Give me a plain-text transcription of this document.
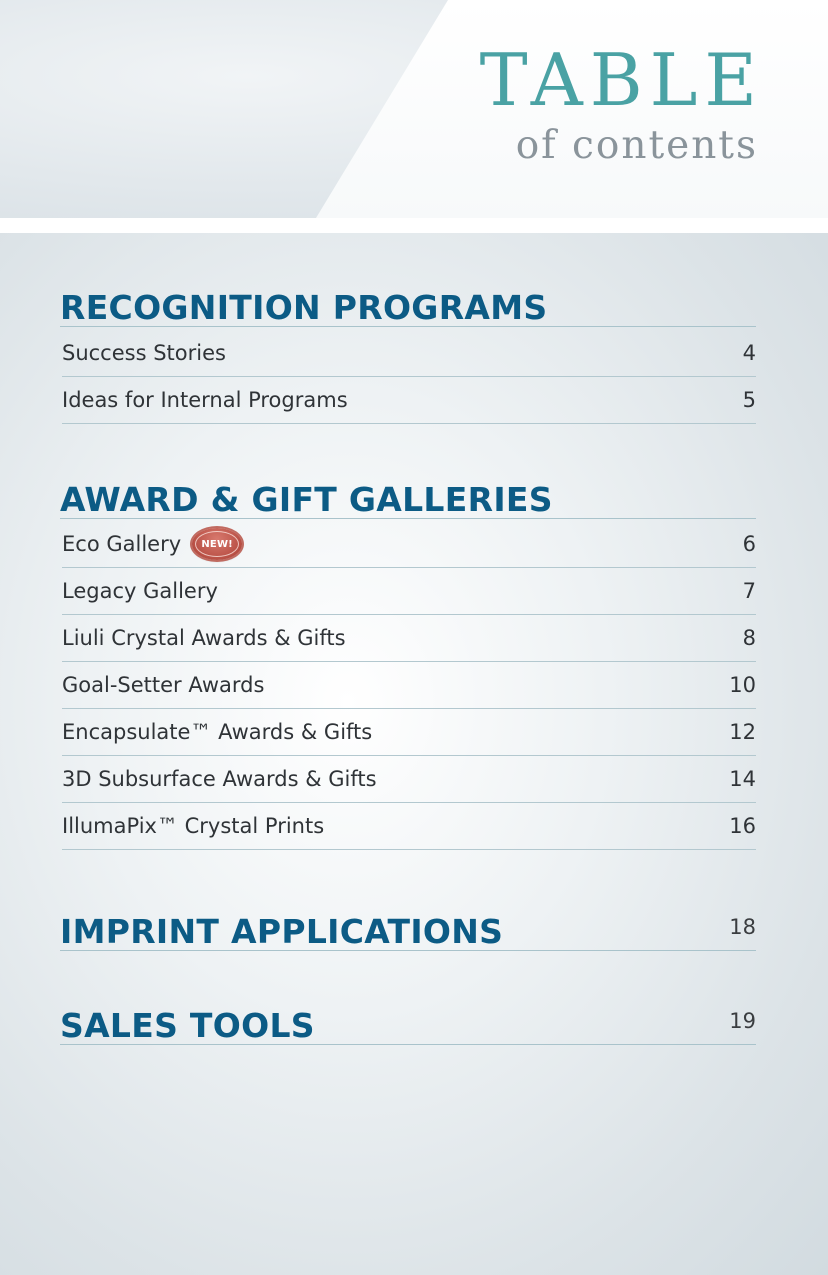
TABLE
of contents
RECOGNITION PROGRAMS
Success Stories	4
Ideas for Internal Programs	5
AWARD & GIFT GALLERIES
Eco Gallery	NEW!	6
Legacy Gallery	7
Liuli Crystal Awards & Gifts	8
Goal-Setter Awards	10
Encapsulate™ Awards & Gifts	12
3D Subsurface Awards & Gifts	14
IllumaPix™ Crystal Prints	16
IMPRINT APPLICATIONS	18
SALES TOOLS	19
